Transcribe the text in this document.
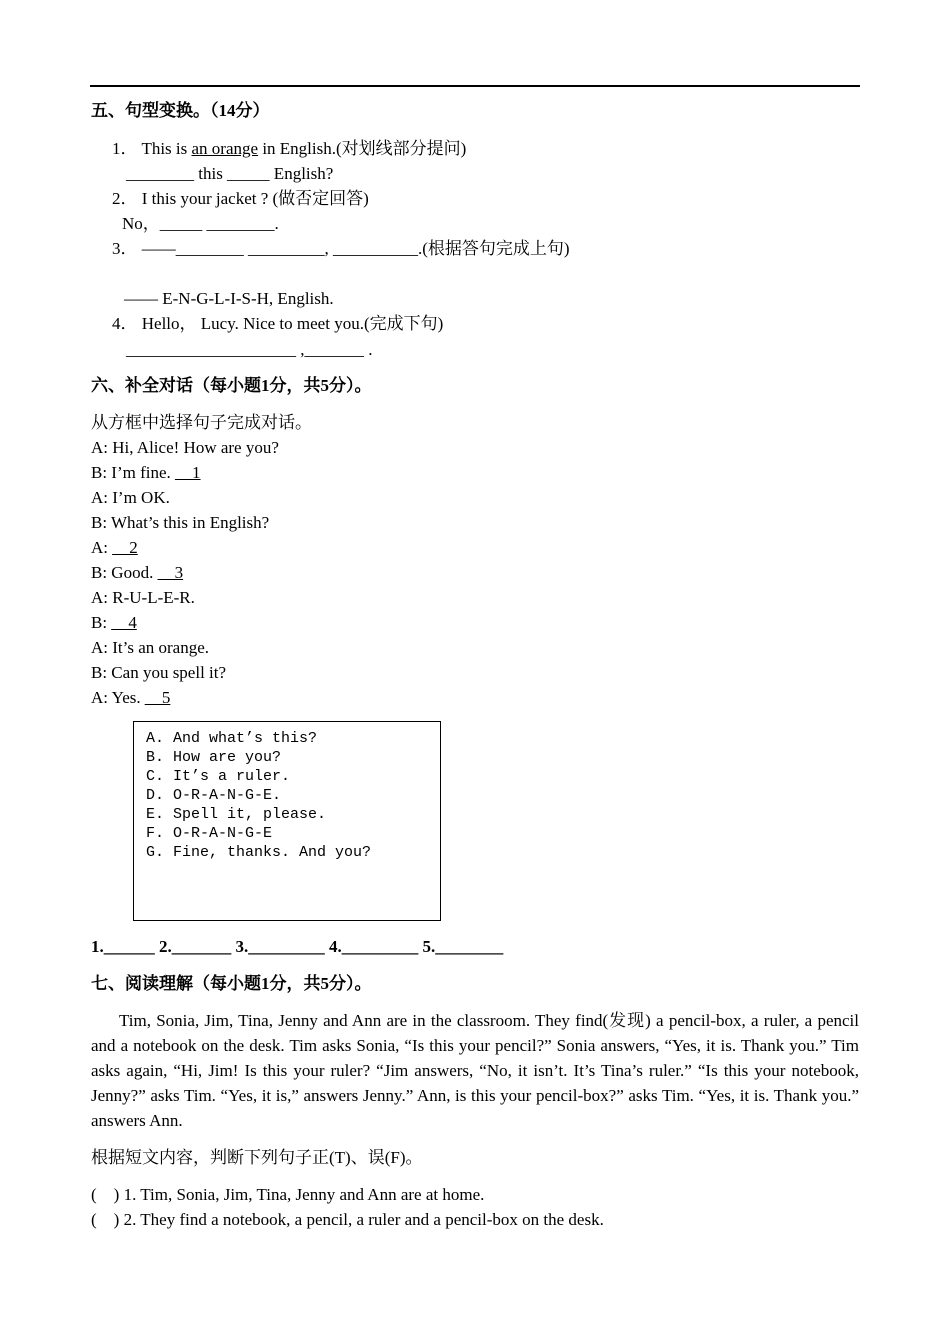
五、句型变换。（14分）
1． This is an orange in English.(对划线部分提问)
________ this _____ English?
2． I this your jacket ? (做否定回答)
No，_____ ________.
3． ——________ _________, __________.(根据答句完成上句)
—— E-N-G-L-I-S-H, English.
4． Hello， Lucy. Nice to meet you.(完成下句)
____________________ ,_______ .
六、补全对话（每小题1分，共5分）。
从方框中选择句子完成对话。
A: Hi, Alice! How are you?
B: I’m fine. __1
A: I’m OK.
B: What’s this in English?
A: __2
B: Good. __3
A: R-U-L-E-R.
B: __4
A: It’s an orange.
B: Can you spell it?
A: Yes. __5
A. And what’s this?
B. How are you?
C. It’s a ruler.
D. O-R-A-N-G-E.
E. Spell it, please.
F. O-R-A-N-G-E
G. Fine, thanks. And you?
1.______ 2._______ 3._________ 4._________ 5.________
七、阅读理解（每小题1分，共5分）。
Tim, Sonia, Jim, Tina, Jenny and Ann are in the classroom. They find(发现) a pencil-box, a ruler, a pencil and a notebook on the desk. Tim asks Sonia, “Is this your pencil?” Sonia answers, “Yes, it is. Thank you.” Tim asks again, “Hi, Jim! Is this your ruler? “Jim answers, “No, it isn’t. It’s Tina’s ruler.” “Is this your notebook, Jenny?” asks Tim. “Yes, it is,” answers Jenny.” Ann, is this your pencil-box?” asks Tim. “Yes, it is. Thank you.” answers Ann.
根据短文内容，判断下列句子正(T)、误(F)。
(    ) 1. Tim, Sonia, Jim, Tina, Jenny and Ann are at home.
(    ) 2. They find a notebook, a pencil, a ruler and a pencil-box on the desk.
